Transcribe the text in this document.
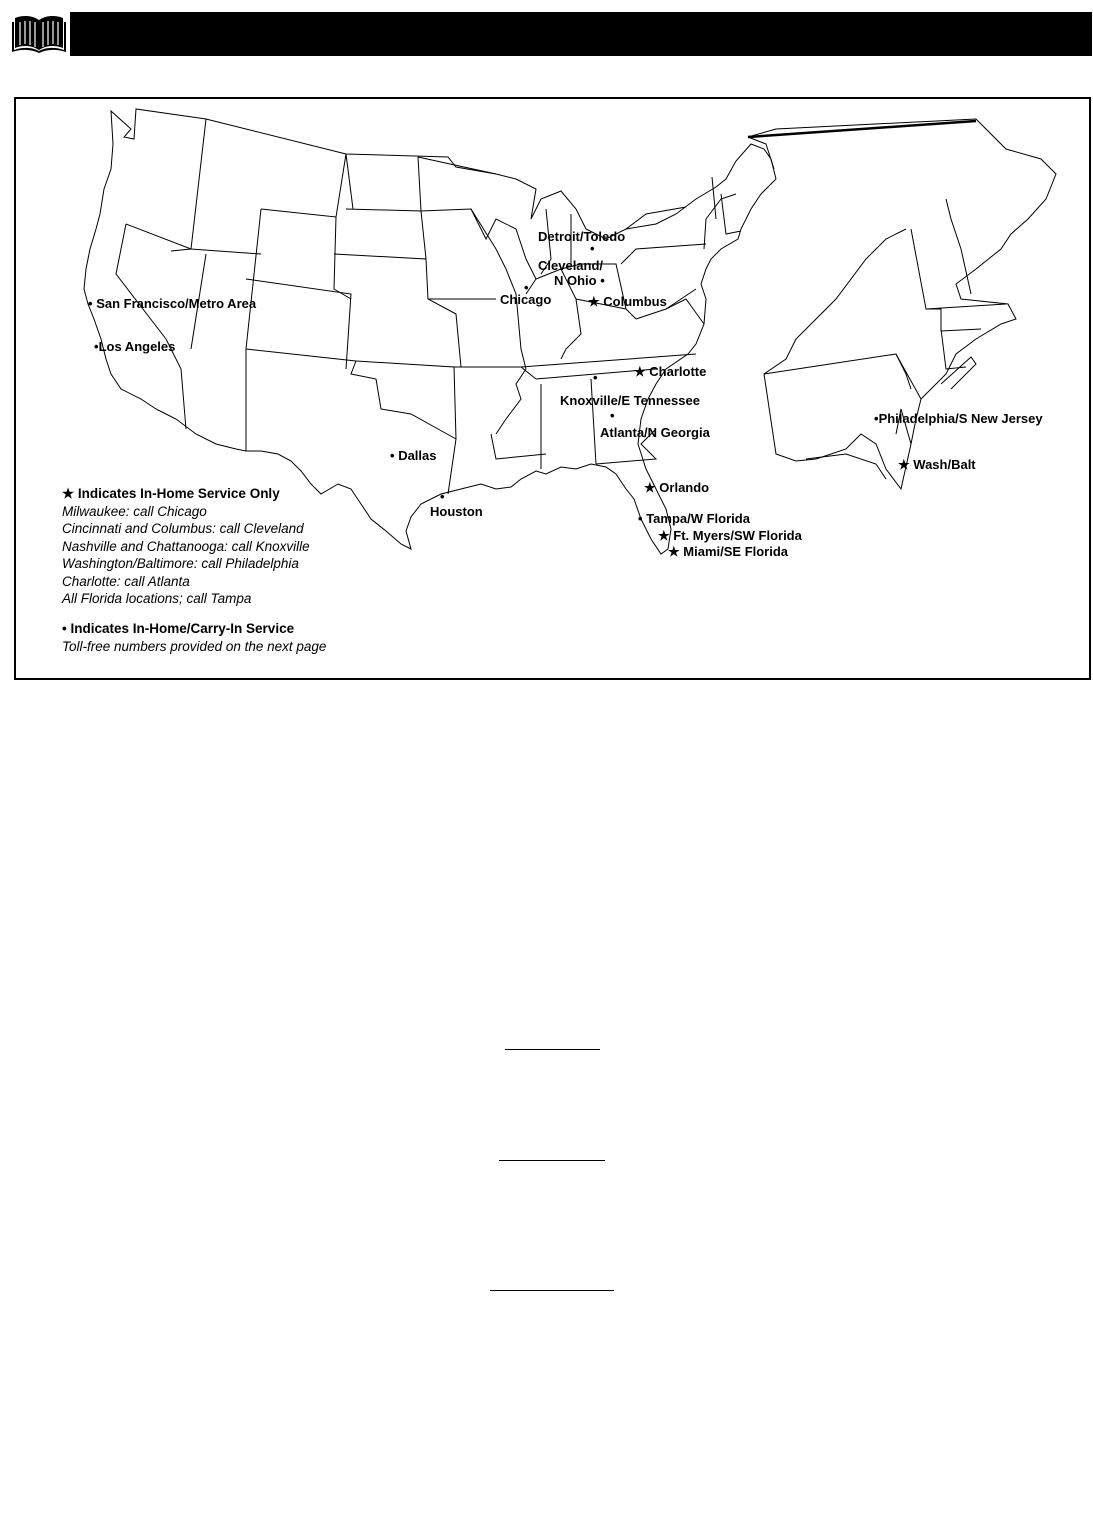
• San Francisco/Metro Area
•Los Angeles
Detroit/Toledo
•
Cleveland/
N Ohio •
•
Chicago	★ Columbus
★ Charlotte
•
Knoxville/E Tennessee
•
Atlanta/N Georgia
• Dallas
•
Houston
★ Orlando
• Tampa/W Florida
★ Ft. Myers/SW Florida
★ Miami/SE Florida
•Philadelphia/S New Jersey
★ Wash/Balt
★ Indicates In-Home Service Only
Milwaukee: call Chicago
Cincinnati and Columbus: call Cleveland
Nashville and Chattanooga: call Knoxville
Washington/Baltimore: call Philadelphia
Charlotte: call Atlanta
All Florida locations; call Tampa
• Indicates In-Home/Carry-In Service
Toll-free numbers provided on the next page
